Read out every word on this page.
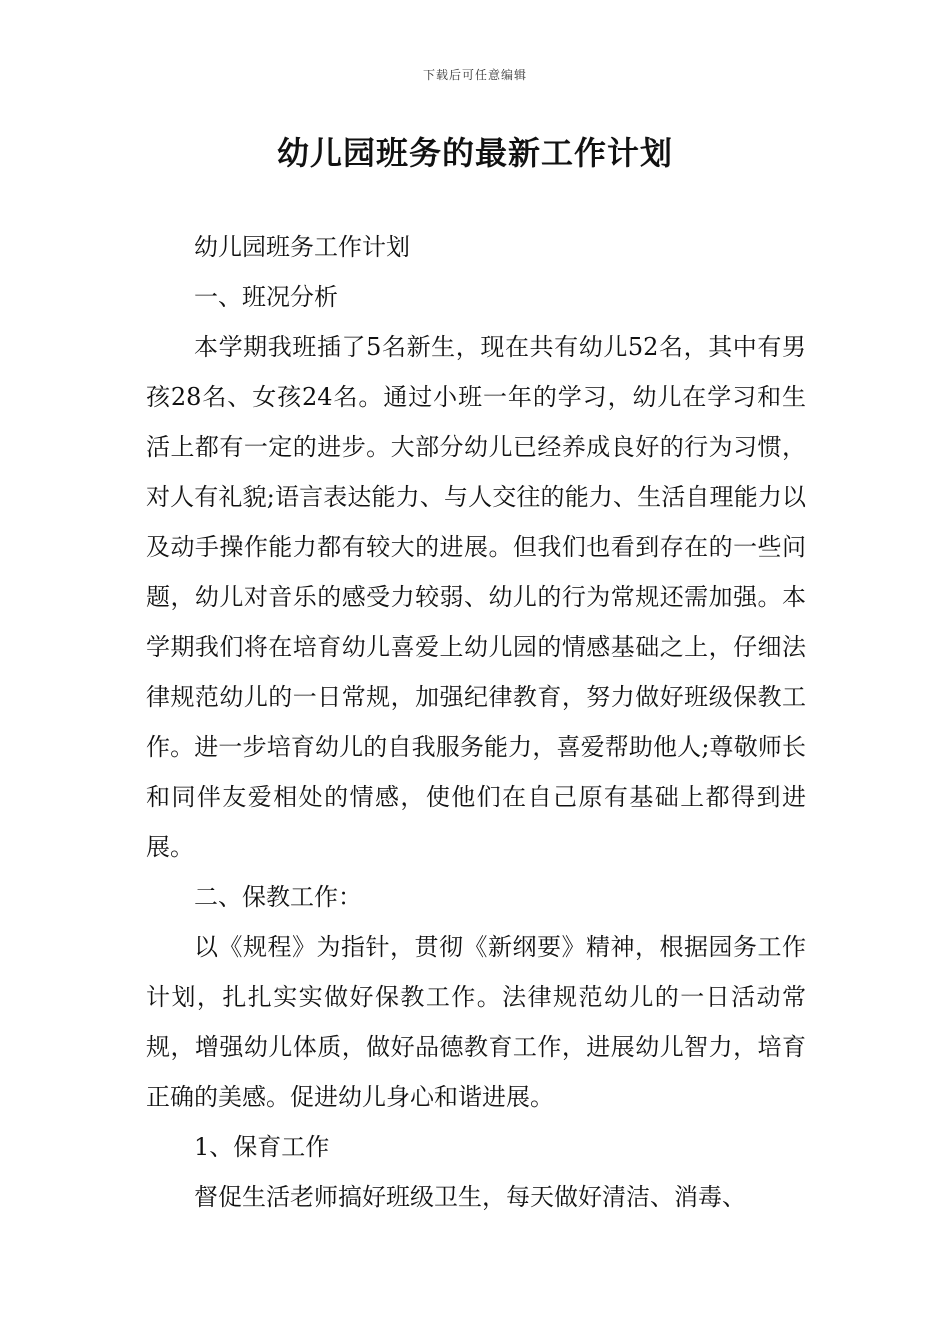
下载后可任意编辑
幼儿园班务的最新工作计划

幼儿园班务工作计划

一、班况分析

本学期我班插了5名新生，现在共有幼儿52名，其中有男孩28名、女孩24名。通过小班一年的学习，幼儿在学习和生活上都有一定的进步。大部分幼儿已经养成良好的行为习惯，对人有礼貌;语言表达能力、与人交往的能力、生活自理能力以及动手操作能力都有较大的进展。但我们也看到存在的一些问题，幼儿对音乐的感受力较弱、幼儿的行为常规还需加强。本学期我们将在培育幼儿喜爱上幼儿园的情感基础之上，仔细法律规范幼儿的一日常规，加强纪律教育，努力做好班级保教工作。进一步培育幼儿的自我服务能力，喜爱帮助他人;尊敬师长和同伴友爱相处的情感，使他们在自己原有基础上都得到进展。

二、保教工作：

以《规程》为指针，贯彻《新纲要》精神，根据园务工作计划，扎扎实实做好保教工作。法律规范幼儿的一日活动常规，增强幼儿体质，做好品德教育工作，进展幼儿智力，培育正确的美感。促进幼儿身心和谐进展。

1、保育工作

督促生活老师搞好班级卫生，每天做好清洁、消毒、
